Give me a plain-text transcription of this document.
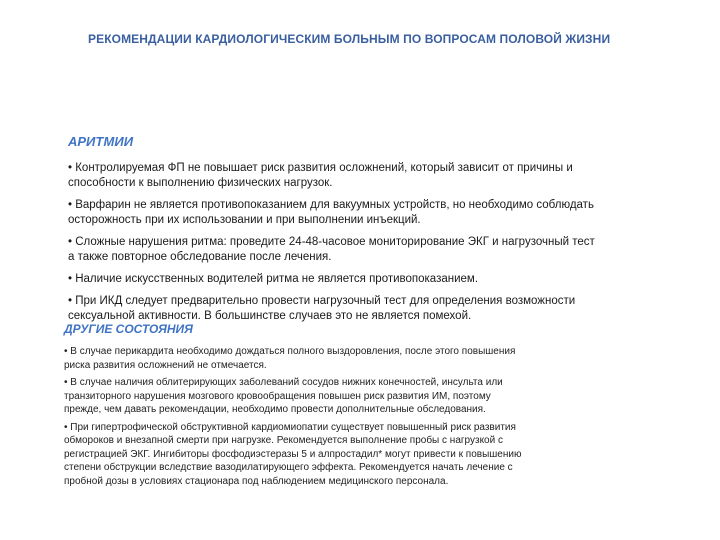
РЕКОМЕНДАЦИИ КАРДИОЛОГИЧЕСКИМ БОЛЬНЫМ ПО ВОПРОСАМ ПОЛОВОЙ ЖИЗНИ
АРИТМИИ
• Контролируемая ФП не повышает риск развития осложнений, который зависит от причины и
способности к выполнению физических нагрузок.
• Варфарин не является противопоказанием для вакуумных устройств, но необходимо соблюдать
осторожность при их использовании и при выполнении инъекций.
• Сложные нарушения ритма: проведите 24-48-часовое мониторирование ЭКГ и нагрузочный тест
а также повторное обследование после лечения.
• Наличие искусственных водителей ритма не является противопоказанием.
• При ИКД следует предварительно провести нагрузочный тест для определения возможности
сексуальной активности. В большинстве случаев это не является помехой.
ДРУГИЕ СОСТОЯНИЯ
• В случае перикардита необходимо дождаться полного выздоровления, после этого повышения
риска развития осложнений не отмечается.
• В случае наличия облитерирующих заболеваний сосудов нижних конечностей, инсульта или
транзиторного нарушения мозгового кровообращения повышен риск развития ИМ, поэтому
прежде, чем давать рекомендации, необходимо провести дополнительные обследования.
• При гипертрофической обструктивной кардиомиопатии существует повышенный риск развития
обмороков и внезапной смерти при нагрузке. Рекомендуется выполнение пробы с нагрузкой с
регистрацией ЭКГ. Ингибиторы фосфодиэстеразы 5 и алпростадил* могут привести к повышению
степени обструкции вследствие вазодилатирующего эффекта. Рекомендуется начать лечение с
пробной дозы в условиях стационара под наблюдением медицинского персонала.
